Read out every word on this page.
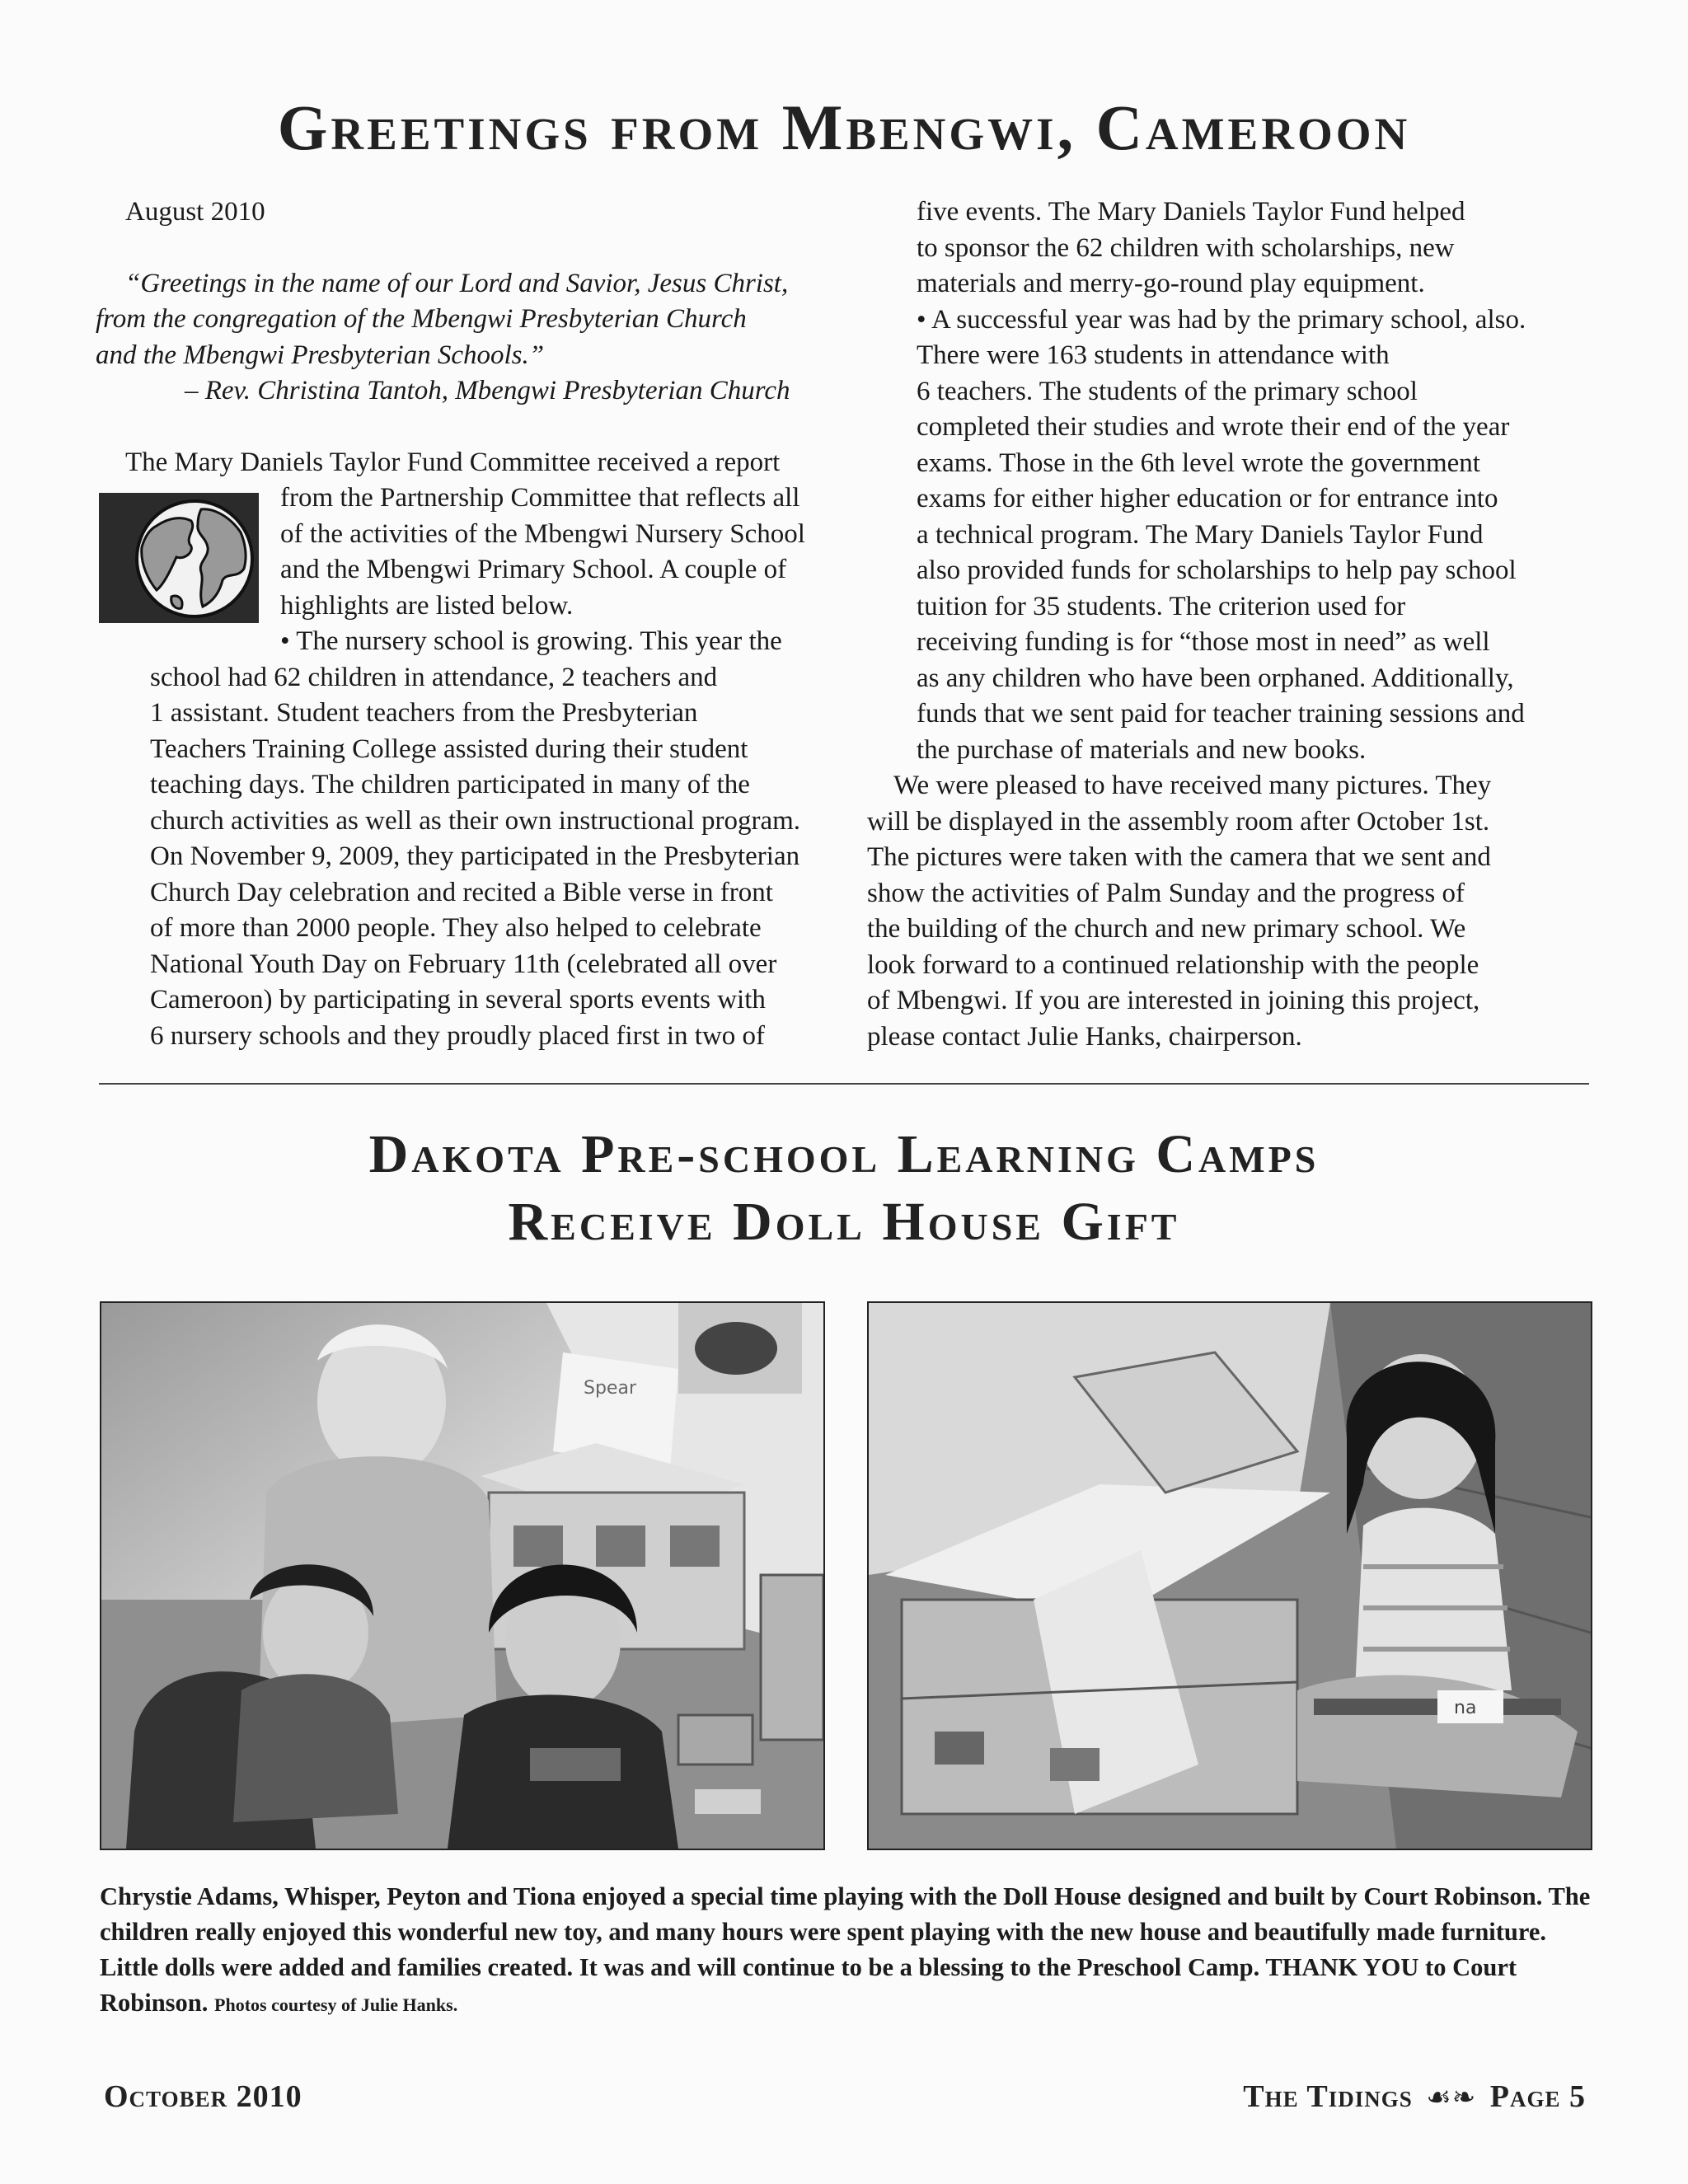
Greetings from Mbengwi, Cameroon

August 2010

“Greetings in the name of our Lord and Savior, Jesus Christ,

from the congregation of the Mbengwi Presbyterian Church

and the Mbengwi Presbyterian Schools.”

– Rev. Christina Tantoh, Mbengwi Presbyterian Church

The Mary Daniels Taylor Fund Committee received a report

from the Partnership Committee that reflects all

of the activities of the Mbengwi Nursery School

and the Mbengwi Primary School. A couple of

highlights are listed below.

• The nursery school is growing. This year the

school had 62 children in attendance, 2 teachers and

1 assistant. Student teachers from the Presbyterian

Teachers Training College assisted during their student

teaching days. The children participated in many of the

church activities as well as their own instructional program.

On November 9, 2009, they participated in the Presbyterian

Church Day celebration and recited a Bible verse in front

of more than 2000 people. They also helped to celebrate

National Youth Day on February 11th (celebrated all over

Cameroon) by participating in several sports events with

6 nursery schools and they proudly placed first in two of

five events. The Mary Daniels Taylor Fund helped

to sponsor the 62 children with scholarships, new

materials and merry-go-round play equipment.

• A successful year was had by the primary school, also.

There were 163 students in attendance with

6 teachers. The students of the primary school

completed their studies and wrote their end of the year

exams. Those in the 6th level wrote the government

exams for either higher education or for entrance into

a technical program. The Mary Daniels Taylor Fund

also provided funds for scholarships to help pay school

tuition for 35 students. The criterion used for

receiving funding is for “those most in need” as well

as any children who have been orphaned. Additionally,

funds that we sent paid for teacher training sessions and

the purchase of materials and new books.

We were pleased to have received many pictures. They

will be displayed in the assembly room after October 1st.

The pictures were taken with the camera that we sent and

show the activities of Palm Sunday and the progress of

the building of the church and new primary school. We

look forward to a continued relationship with the people

of Mbengwi. If you are interested in joining this project,

please contact Julie Hanks, chairperson.

Dakota Pre-school Learning Camps
Receive Doll House Gift
Spear
na
Chrystie Adams, Whisper, Peyton and Tiona enjoyed a special time playing with the Doll House designed and built by Court Robinson. The children really enjoyed this wonderful new toy, and many hours were spent playing with the new house and beautifully made furniture. Little dolls were added and families created. It was and will continue to be a blessing to the Preschool Camp. THANK YOU to Court Robinson. Photos courtesy of Julie Hanks.
October 2010	The Tidings ☙❧ Page 5
